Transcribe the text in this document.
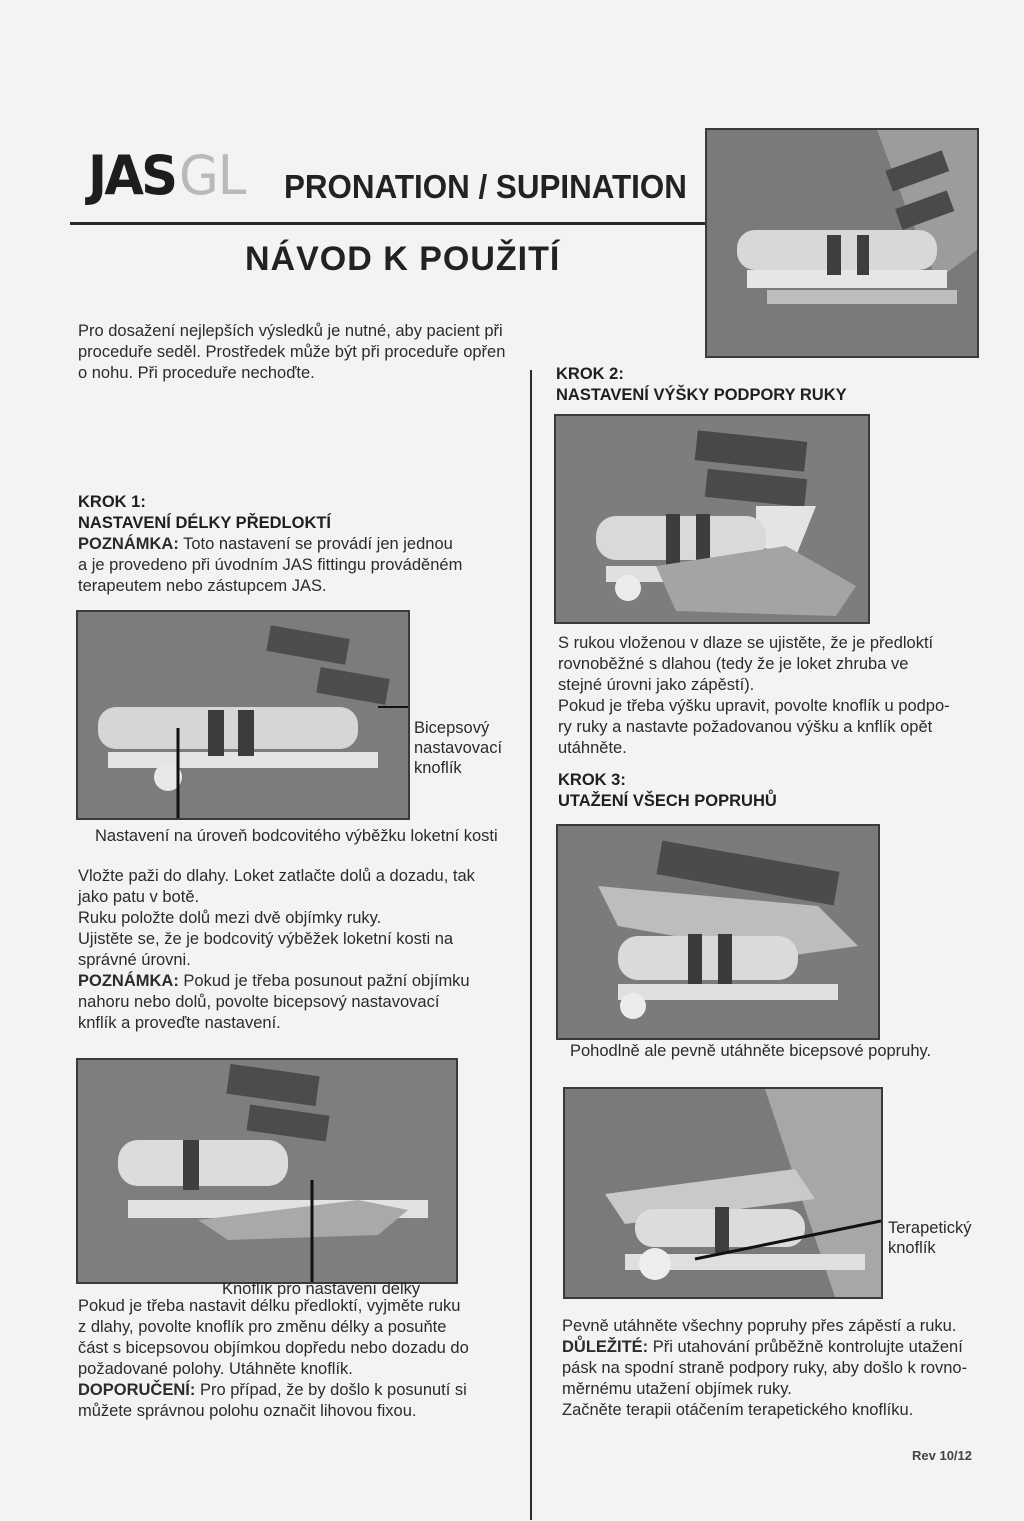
JASGL PRONATION / SUPINATION
NÁVOD K POUŽITÍ
Pro dosažení nejlepších výsledků je nutné, aby pacient při
proceduře seděl. Prostředek může být při proceduře opřen
o nohu. Při proceduře nechoďte.
KROK 1:
NASTAVENÍ DÉLKY PŘEDLOKTÍ
POZNÁMKA: Toto nastavení se provádí jen jednou
a je provedeno při úvodním JAS fittingu prováděném
terapeutem nebo zástupcem JAS.
Bicepsový
nastavovací
knoflík
Nastavení na úroveň bodcovitého výběžku loketní kosti
Vložte paži do dlahy. Loket zatlačte dolů a dozadu, tak
jako patu v botě.
Ruku položte dolů mezi dvě objímky ruky.
Ujistěte se, že je bodcovitý výběžek loketní kosti na
správné úrovni.
POZNÁMKA: Pokud je třeba posunout pažní objímku
nahoru nebo dolů, povolte bicepsový nastavovací
knflík a proveďte nastavení.
Knoflík pro nastavení délky
Pokud je třeba nastavit délku předloktí, vyjměte ruku
z dlahy, povolte knoflík pro změnu délky a posuňte
část s bicepsovou objímkou dopředu nebo dozadu do
požadované polohy. Utáhněte knoflík.
DOPORUČENÍ: Pro případ, že by došlo k posunutí si
můžete správnou polohu označit lihovou fixou.
KROK 2:
NASTAVENÍ VÝŠKY PODPORY RUKY
S rukou vloženou v dlaze se ujistěte, že je předloktí
rovnoběžné s dlahou (tedy že je loket zhruba ve
stejné úrovni jako zápěstí).
Pokud je třeba výšku upravit, povolte knoflík u podpo-
ry ruky a nastavte požadovanou výšku a knflík opět
utáhněte.
KROK 3:
UTAŽENÍ VŠECH POPRUHŮ
Pohodlně ale pevně utáhněte bicepsové popruhy.
Terapetický
knoflík
Pevně utáhněte všechny popruhy přes zápěstí a ruku.
DŮLEŽITÉ: Při utahování průběžně kontrolujte utažení
pásk na spodní straně podpory ruky, aby došlo k rovno-
měrnému utažení objímek ruky.
Začněte terapii otáčením terapetického knoflíku.
Rev 10/12
